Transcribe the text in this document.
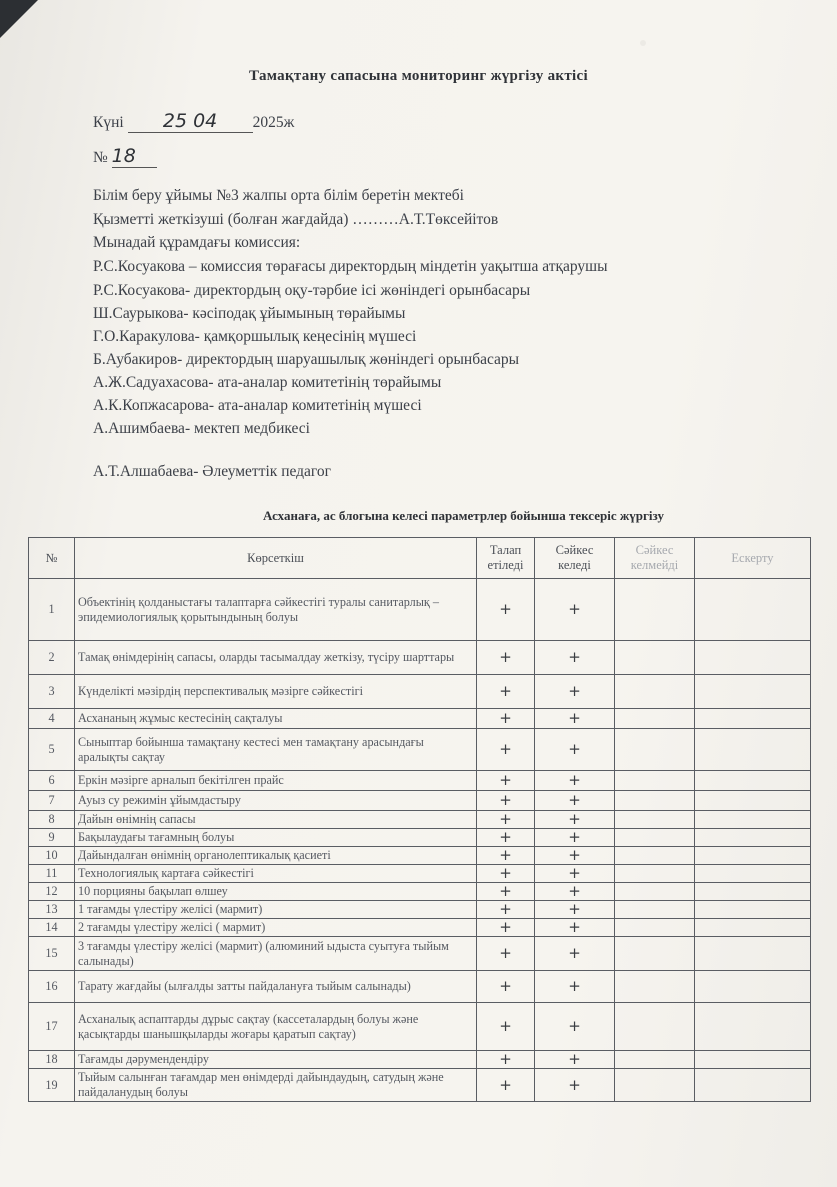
Тамақтану сапасына мониторинг жүргізу актісі
Күні 25 04 2025ж
№ 18
Білім беру ұйымы №3 жалпы орта білім беретін мектебі
Қызметті жеткізуші (болған жағдайда) ………А.Т.Төксейітов
Мынадай құрамдағы комиссия:
Р.С.Косуакова – комиссия төрағасы директордың міндетін уақытша атқарушы
Р.С.Косуакова- директордың оқу-тәрбие ісі жөніндегі орынбасары
Ш.Саурыкова- кәсіподақ ұйымының төрайымы
Г.О.Каракулова- қамқоршылық кеңесінің мүшесі
Б.Аубакиров- директордың шаруашылық жөніндегі орынбасары
А.Ж.Садуахасова- ата-аналар комитетінің төрайымы
А.К.Копжасарова- ата-аналар комитетінің мүшесі
А.Ашимбаева- мектеп медбикесі
А.Т.Алшабаева- Әлеуметтік педагог
Асханаға, ас блогына келесі параметрлер бойынша тексеріс жүргізу
№	Көрсеткіш	Талап етіледі	Сәйкес келеді	Сәйкес келмейді	Ескерту
1	Объектінің қолданыстағы талаптарға сәйкестігі туралы санитарлық – эпидемиологиялық қорытындының болуы	+	+		
2	Тамақ өнімдерінің сапасы, оларды тасымалдау жеткізу, түсіру шарттары	+	+		
3	Күнделікті мәзірдің перспективалық мәзірге сәйкестігі	+	+		
4	Асхананың жұмыс кестесінің сақталуы	+	+		
5	Сыныптар бойынша тамақтану кестесі мен тамақтану арасындағы аралықты сақтау	+	+		
6	Еркін мәзірге арналып бекітілген прайс	+	+		
7	Ауыз су режимін ұйымдастыру	+	+		
8	Дайын өнімнің сапасы	+	+		
9	Бақылаудағы тағамның болуы	+	+		
10	Дайындалған өнімнің органолептикалық қасиеті	+	+		
11	Технологиялық картаға сәйкестігі	+	+		
12	10 порцияны бақылап өлшеу	+	+		
13	1 тағамды үлестіру желісі (мармит)	+	+		
14	2 тағамды үлестіру желісі ( мармит)	+	+		
15	3 тағамды үлестіру желісі (мармит) (алюминий ыдыста суытуға тыйым салынады)	+	+		
16	Тарату жағдайы (ылғалды затты пайдалануға тыйым салынады)	+	+		
17	Асханалық аспаптарды дұрыс сақтау (кассеталардың болуы және қасықтарды шанышқыларды жоғары қаратып сақтау)	+	+		
18	Тағамды дәрумендендіру	+	+		
19	Тыйым салынған тағамдар мен өнімдерді дайындаудың, сатудың және пайдаланудың болуы	+	+		
